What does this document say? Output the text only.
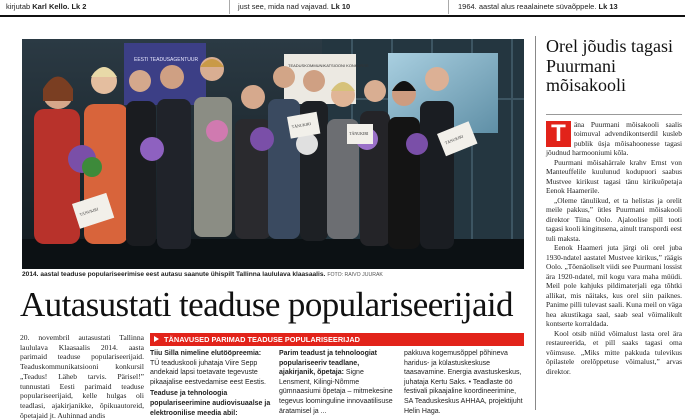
kirjutab Karl Kello. Lk 2	just see, mida nad vajavad. Lk 10	1964. aastal alus reaalainete süvaõppele. Lk 13
EESTI TEADUSAGENTUUR
TEADUSKOMMUNIKATSIOONI KONKURSS
TÄNUKIRI
TÄNUKIRI
TÄNUKIRI
TÄNUKIRI
2014. aastal teaduse populariseerimise eest autasu saanute ühispilt Tallinna laululava klaasaalis. FOTO: RAIVO JUURAK
Autasustati teaduse populariseerijaid

20. novembril autasustati Tallinna laululava Klaasaalis 2014. aasta parimaid teaduse populariseerijaid. Teaduskommunikatsiooni konkursil „Teadus! Läheb tarvis. Pärisel!” tunnustati Eesti parimaid teaduse populariseerijaid, kelle hulgas oli teadlasi, ajakirjanikke, õpikuautoreid, õpetajaid jt. Auhinnad andis

TÄNAVUSED PARIMAD TEADUSE POPULARISEERIJAD

Tiiu Silla nimeline elutööpreemia: TÜ teaduskooli juhataja Viire Sepp andekaid lapsi toetavate tegevuste pikaajalise eestvedamise eest Eestis.

Teaduse ja tehnoloogia populariseerimine audiovisuaalse ja elektroonilise meedia abil:

Parim teadust ja tehnoloogiat populariseeriv teadlane, ajakirjanik, õpetaja: Signe Lensment, Kilingi-Nõmme gümnaasiumi õpetaja – mitmekesine tegevus loominguline innovaatilisuse äratamisel ja ...

pakkuva kogemusõppel põhineva haridus- ja külastuskeskuse taasavamine. Energia avastuskeskus, juhataja Kertu Saks. • Teadlaste öö festivali pikaajaline koordineerimine, SA Teaduskeskus AHHAA, projektijuht Helin Haga.

Orel jõudis tagasi Puurmani mõisakooli

T	äna Puurmani mõisakooli saalis toimuval advendikontserdil kusleb publik üsja mõisahoonesse tagasi jõudnud harmooniumi kõla.

Puurmani mõisahärrale krahv Ernst von Manteuffelile kuulunud kodupuori saabus Mustvee kirikust tagasi tänu kirikuõpetaja Eenok Haamerile.

„Oleme tänulikud, et ta helistas ja orelit meile pakkus,” ütles Puurmani mõisakooli direktor Tiina Oolo. Ajaloolise pill tooti tagasi kooli kingitusena, ainult transpordi eest tuli maksta.

Eenok Haameri juta järgi oli orel juba 1930-ndatel aastatel Mustvee kirikus,” räägis Oolo. „Tõenäoliselt viidi see Puurmani lossist ära 1920-ndatel, mil kogu vara maha müüdi. Meil pole kahjuks pildimaterjali ega tõhtki allikat, mis näitaks, kus orel siin paiknes. Panime pilli tulevast saali. Kuna meil on väga hea akustikaga saal, saab seal võimalikult kontserte korraldada.

Kool otsib nüüd võimalust lasta orel ära restaureerida, et pill saaks tagasi oma võimsuse. „Miks mitte pakkuda tulevikus õpilastele orelõppetuse võimalust,” arvas direktor.
